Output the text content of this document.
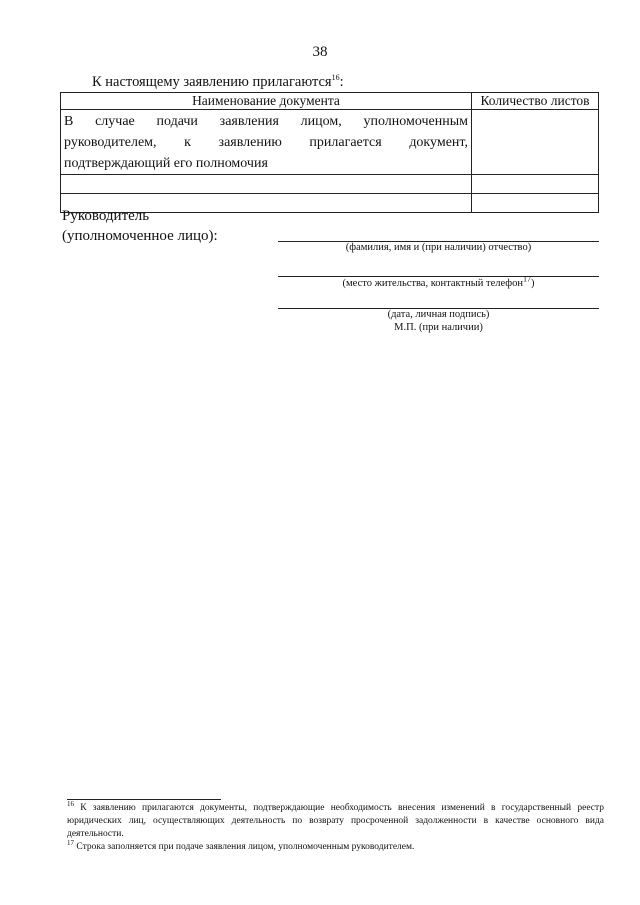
38
К настоящему заявлению прилагаются$^{16}$:
Наименование документа	Количество листов
В случае подачи заявления лицом, уполномоченным руководителем, к заявлению прилагается документ, подтверждающий его полномочия	

Руководитель
(уполномоченное лицо):
(фамилия, имя и (при наличии) отчество)
(место жительства, контактный телефон$^{17}$)
(дата, личная подпись)
М.П. (при наличии)
$^{16}$ К заявлению прилагаются документы, подтверждающие необходимость внесения изменений в государственный реестр юридических лиц, осуществляющих деятельность по возврату просроченной задолженности в качестве основного вида деятельности.
$^{17}$ Строка заполняется при подаче заявления лицом, уполномоченным руководителем.
